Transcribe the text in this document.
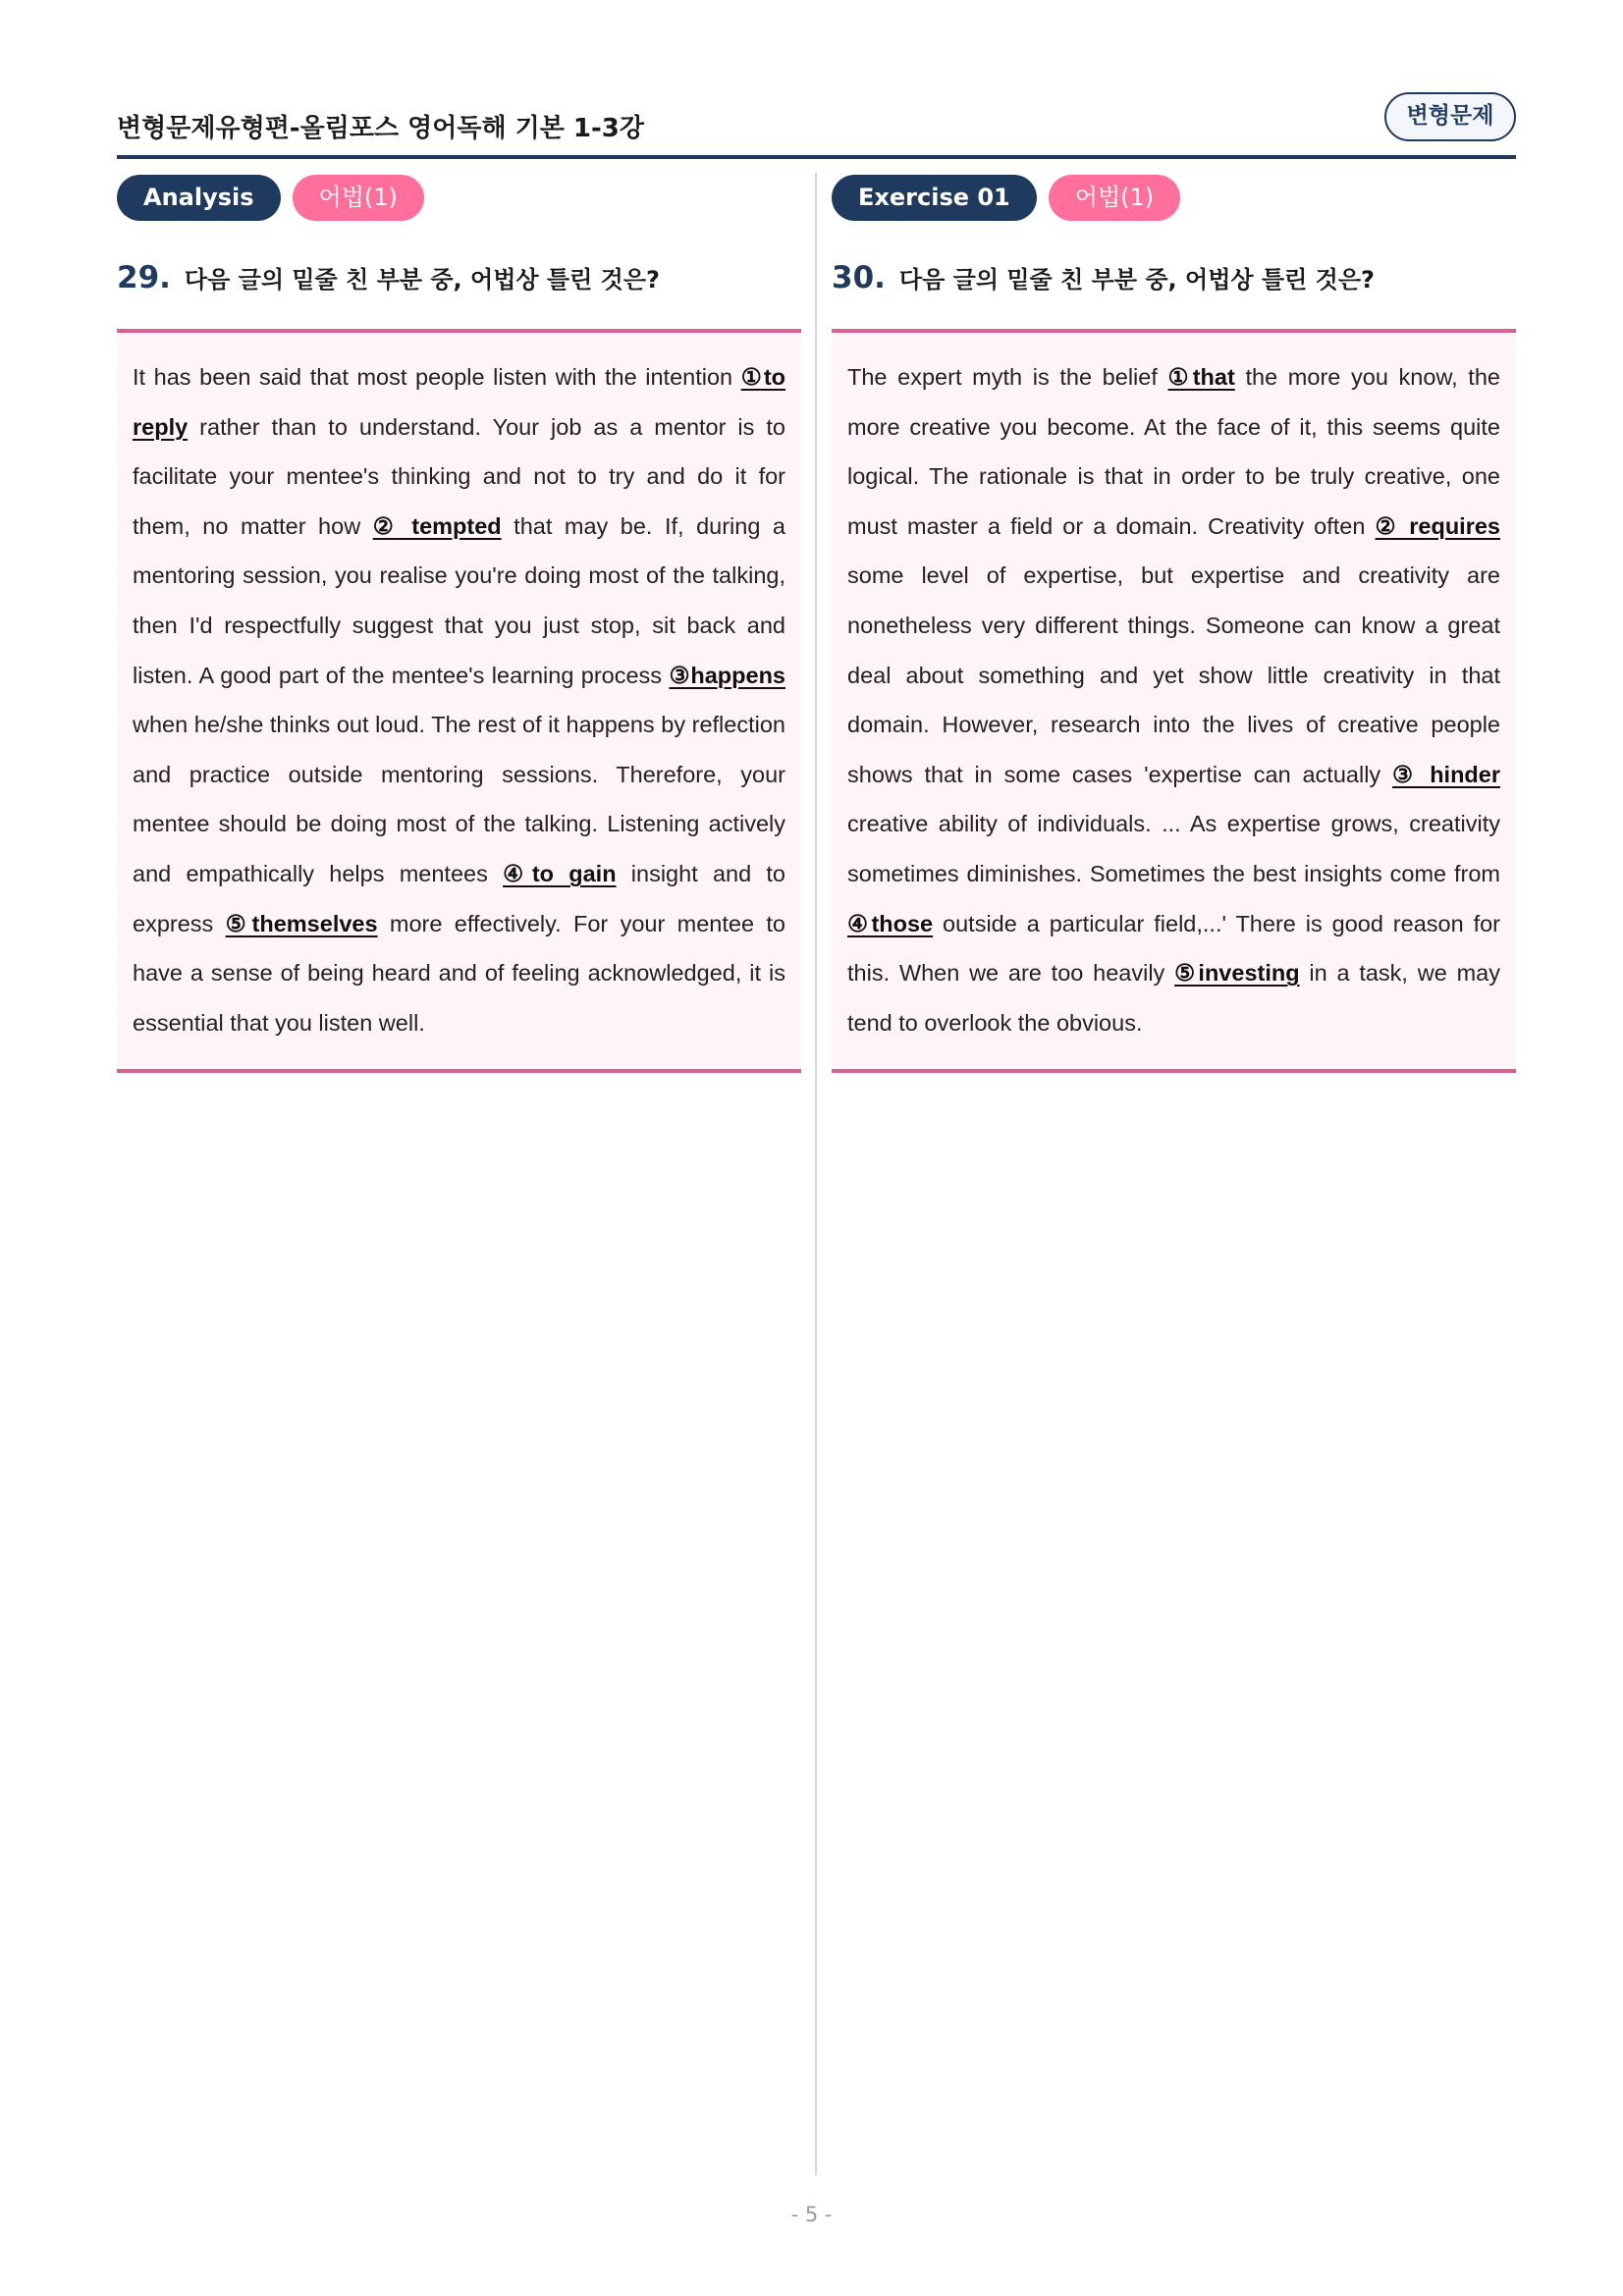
변형문제유형편-올림포스 영어독해 기본 1-3강	변형문제
Analysis	어법(1)
29. 다음 글의 밑줄 친 부분 중, 어법상 틀린 것은?

It has been said that most people listen with the intention ①to reply rather than to understand. Your job as a mentor is to facilitate your mentee's thinking and not to try and do it for them, no matter how ② tempted that may be. If, during a mentoring session, you realise you're doing most of the talking, then I'd respectfully suggest that you just stop, sit back and listen. A good part of the mentee's learning process ③happens when he/she thinks out loud. The rest of it happens by reflection and practice outside mentoring sessions. Therefore, your mentee should be doing most of the talking. Listening actively and empathically helps mentees ④to gain insight and to express ⑤themselves more effectively. For your mentee to have a sense of being heard and of feeling acknowledged, it is essential that you listen well.

Exercise 01	어법(1)
30. 다음 글의 밑줄 친 부분 중, 어법상 틀린 것은?

The expert myth is the belief ①that the more you know, the more creative you become. At the face of it, this seems quite logical. The rationale is that in order to be truly creative, one must master a field or a domain. Creativity often ② requires some level of expertise, but expertise and creativity are nonetheless very different things. Someone can know a great deal about something and yet show little creativity in that domain. However, research into the lives of creative people shows that in some cases 'expertise can actually ③ hinder creative ability of individuals. ... As expertise grows, creativity sometimes diminishes. Sometimes the best insights come from ④those outside a particular field,...' There is good reason for this. When we are too heavily ⑤investing in a task, we may tend to overlook the obvious.

- 5 -
